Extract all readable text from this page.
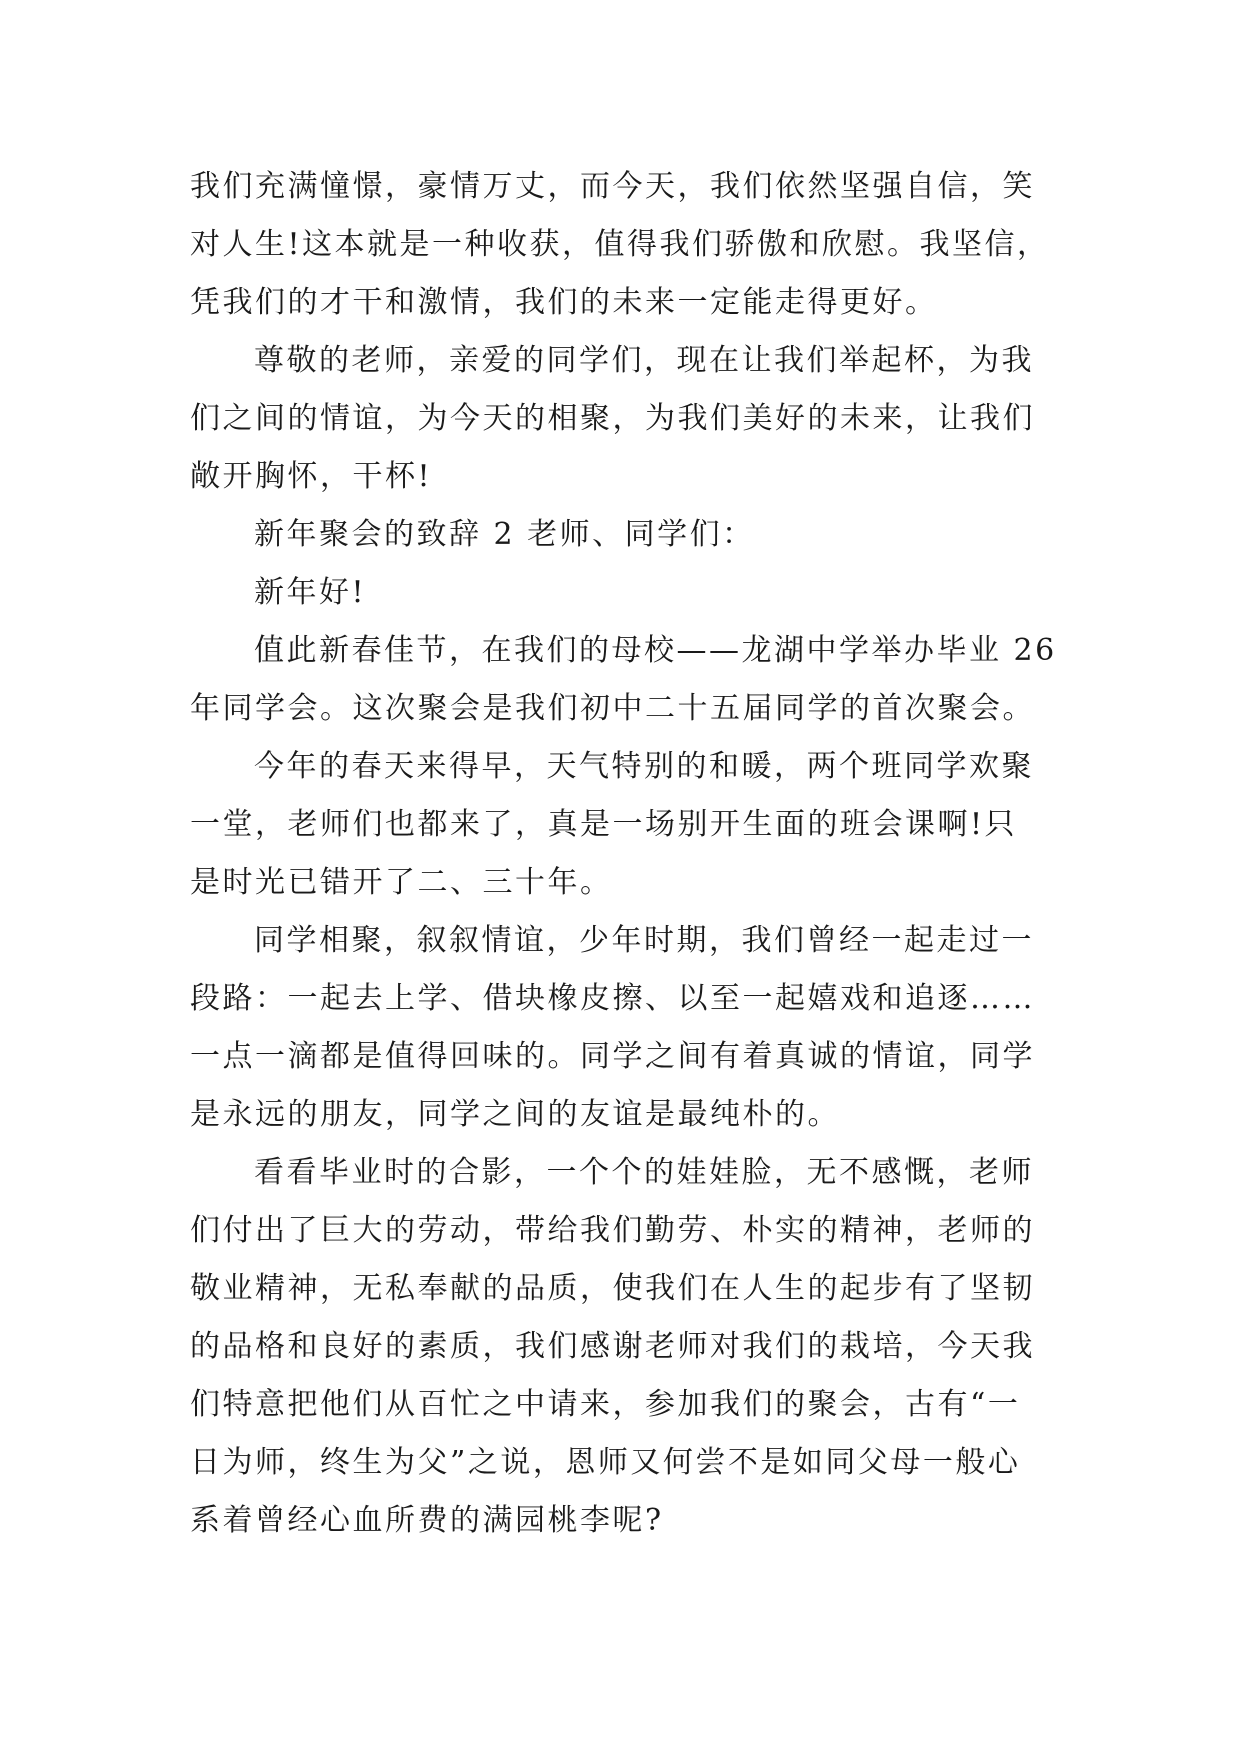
我们充满憧憬，豪情万丈，而今天，我们依然坚强自信，笑
对人生!这本就是一种收获，值得我们骄傲和欣慰。我坚信，
凭我们的才干和激情，我们的未来一定能走得更好。
尊敬的老师，亲爱的同学们，现在让我们举起杯，为我
们之间的情谊，为今天的相聚，为我们美好的未来，让我们
敞开胸怀，干杯!
新年聚会的致辞 2 老师、同学们：
新年好!
值此新春佳节，在我们的母校——龙湖中学举办毕业 26
年同学会。这次聚会是我们初中二十五届同学的首次聚会。
今年的春天来得早，天气特别的和暖，两个班同学欢聚
一堂，老师们也都来了，真是一场别开生面的班会课啊!只
是时光已错开了二、三十年。
同学相聚，叙叙情谊，少年时期，我们曾经一起走过一
段路：一起去上学、借块橡皮擦、以至一起嬉戏和追逐……
一点一滴都是值得回味的。同学之间有着真诚的情谊，同学
是永远的朋友，同学之间的友谊是最纯朴的。
看看毕业时的合影，一个个的娃娃脸，无不感慨，老师
们付出了巨大的劳动，带给我们勤劳、朴实的精神，老师的
敬业精神，无私奉献的品质，使我们在人生的起步有了坚韧
的品格和良好的素质，我们感谢老师对我们的栽培，今天我
们特意把他们从百忙之中请来，参加我们的聚会，古有“一
日为师，终生为父”之说，恩师又何尝不是如同父母一般心
系着曾经心血所费的满园桃李呢?
